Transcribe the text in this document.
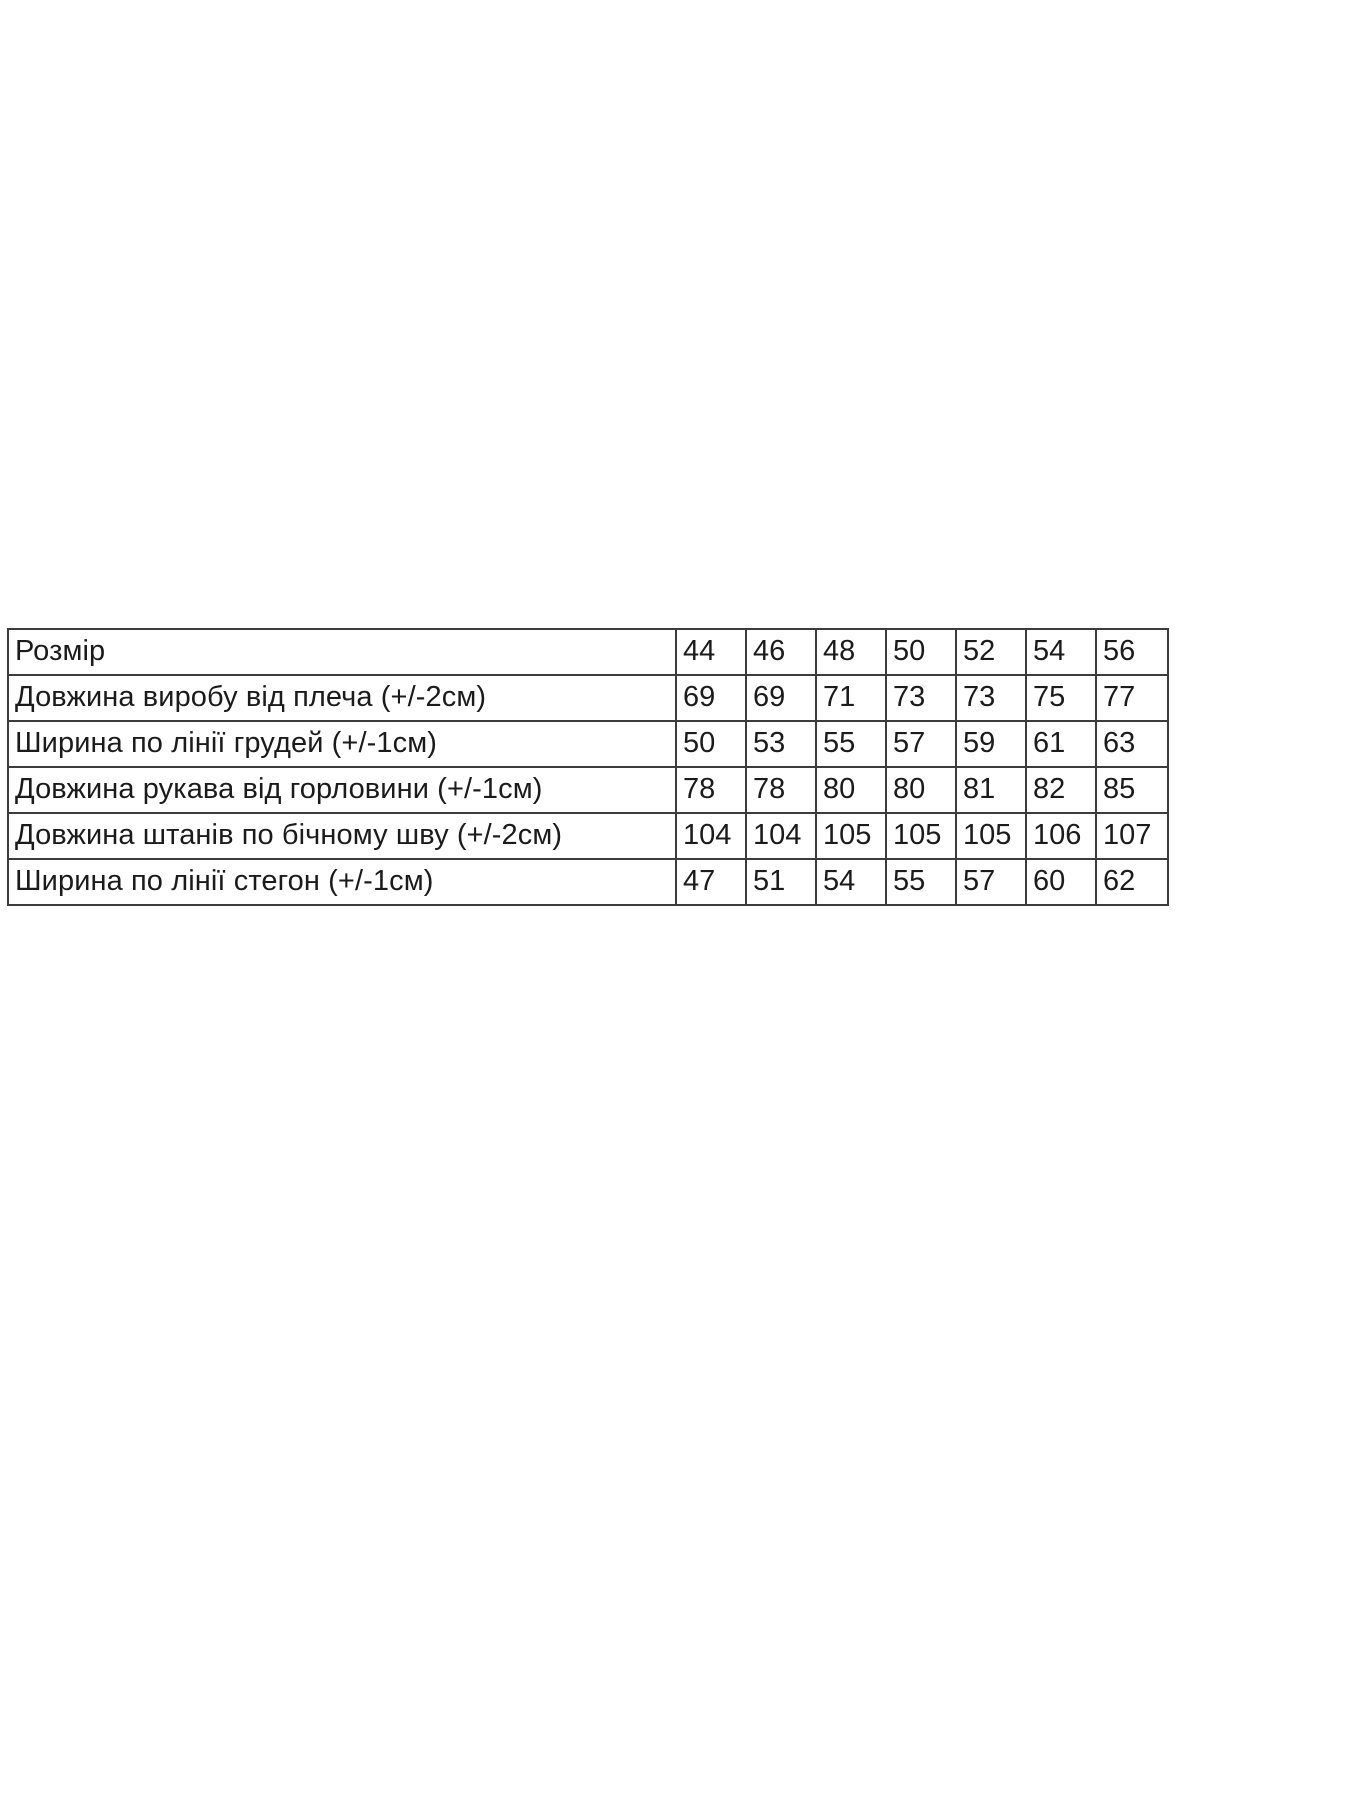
Розмір	44	46	48	50	52	54	56
Довжина виробу від плеча (+/-2см)	69	69	71	73	73	75	77
Ширина по лінії грудей (+/-1см)	50	53	55	57	59	61	63
Довжина рукава від горловини (+/-1см)	78	78	80	80	81	82	85
Довжина штанів по бічному шву (+/-2см)	104	104	105	105	105	106	107
Ширина по лінії стегон (+/-1см)	47	51	54	55	57	60	62
